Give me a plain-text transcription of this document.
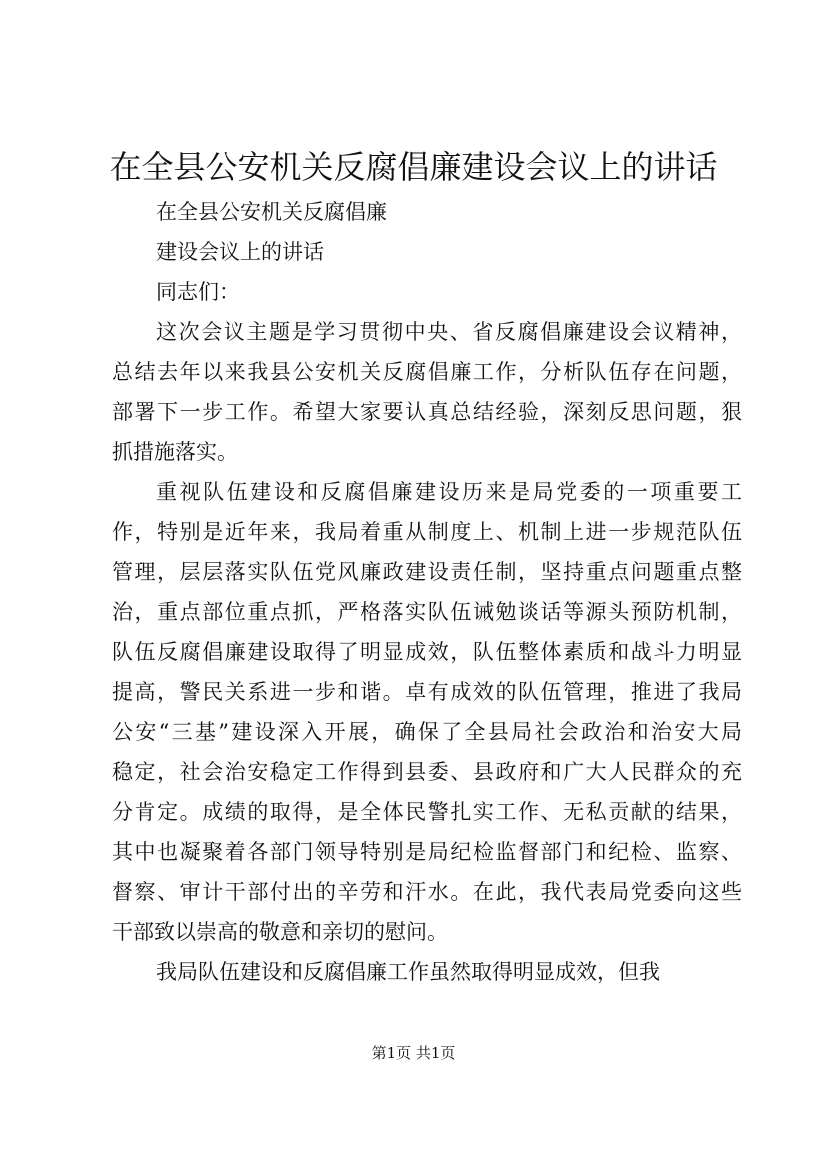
在全县公安机关反腐倡廉建设会议上的讲话
在全县公安机关反腐倡廉
建设会议上的讲话
同志们：
这次会议主题是学习贯彻中央、省反腐倡廉建设会议精神，
总结去年以来我县公安机关反腐倡廉工作，分析队伍存在问题，
部署下一步工作。希望大家要认真总结经验，深刻反思问题，狠
抓措施落实。
重视队伍建设和反腐倡廉建设历来是局党委的一项重要工
作，特别是近年来，我局着重从制度上、机制上进一步规范队伍
管理，层层落实队伍党风廉政建设责任制，坚持重点问题重点整
治，重点部位重点抓，严格落实队伍诫勉谈话等源头预防机制，
队伍反腐倡廉建设取得了明显成效，队伍整体素质和战斗力明显
提高，警民关系进一步和谐。卓有成效的队伍管理，推进了我局
公安“三基”建设深入开展，确保了全县局社会政治和治安大局
稳定，社会治安稳定工作得到县委、县政府和广大人民群众的充
分肯定。成绩的取得，是全体民警扎实工作、无私贡献的结果，
其中也凝聚着各部门领导特别是局纪检监督部门和纪检、监察、
督察、审计干部付出的辛劳和汗水。在此，我代表局党委向这些
干部致以崇高的敬意和亲切的慰问。
我局队伍建设和反腐倡廉工作虽然取得明显成效，但我
第1页 共1页
